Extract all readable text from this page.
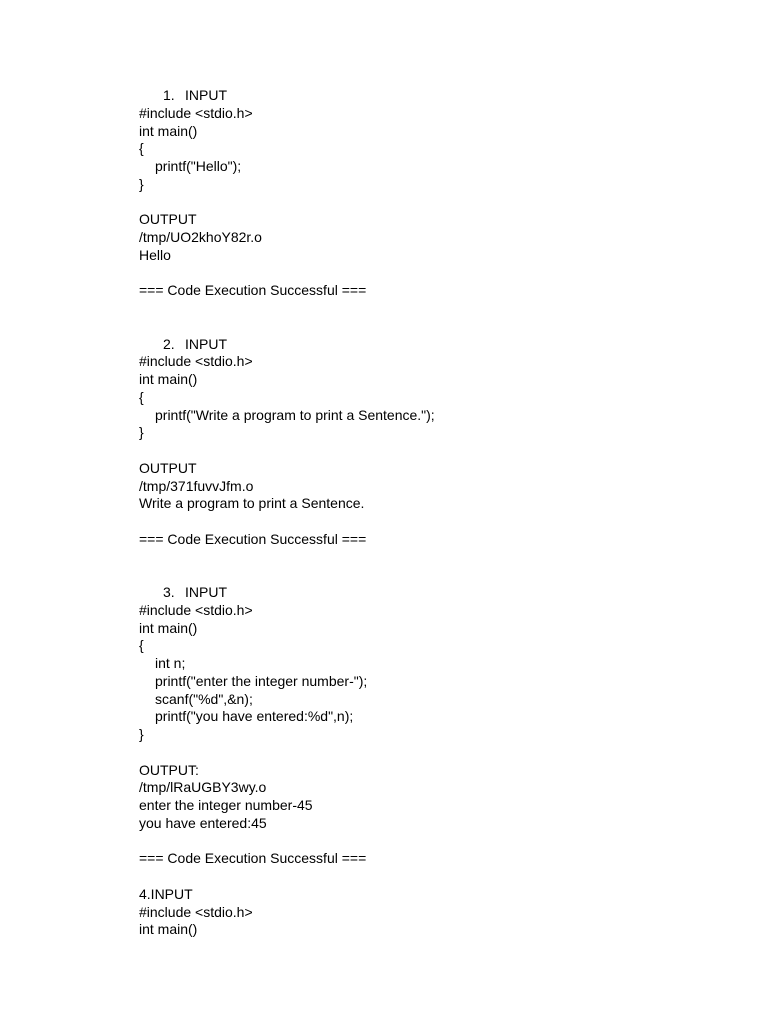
1. INPUT
#include <stdio.h>
int main()
{
printf("Hello");
}
OUTPUT
/tmp/UO2khoY82r.o
Hello
=== Code Execution Successful ===
2. INPUT
#include <stdio.h>
int main()
{
printf("Write a program to print a Sentence.");
}
OUTPUT
/tmp/371fuvvJfm.o
Write a program to print a Sentence.
=== Code Execution Successful ===
3. INPUT
#include <stdio.h>
int main()
{
int n;
printf("enter the integer number-");
scanf("%d",&n);
printf("you have entered:%d",n);
}
OUTPUT:
/tmp/lRaUGBY3wy.o
enter the integer number-45
you have entered:45
=== Code Execution Successful ===
4.INPUT
#include <stdio.h>
int main()
